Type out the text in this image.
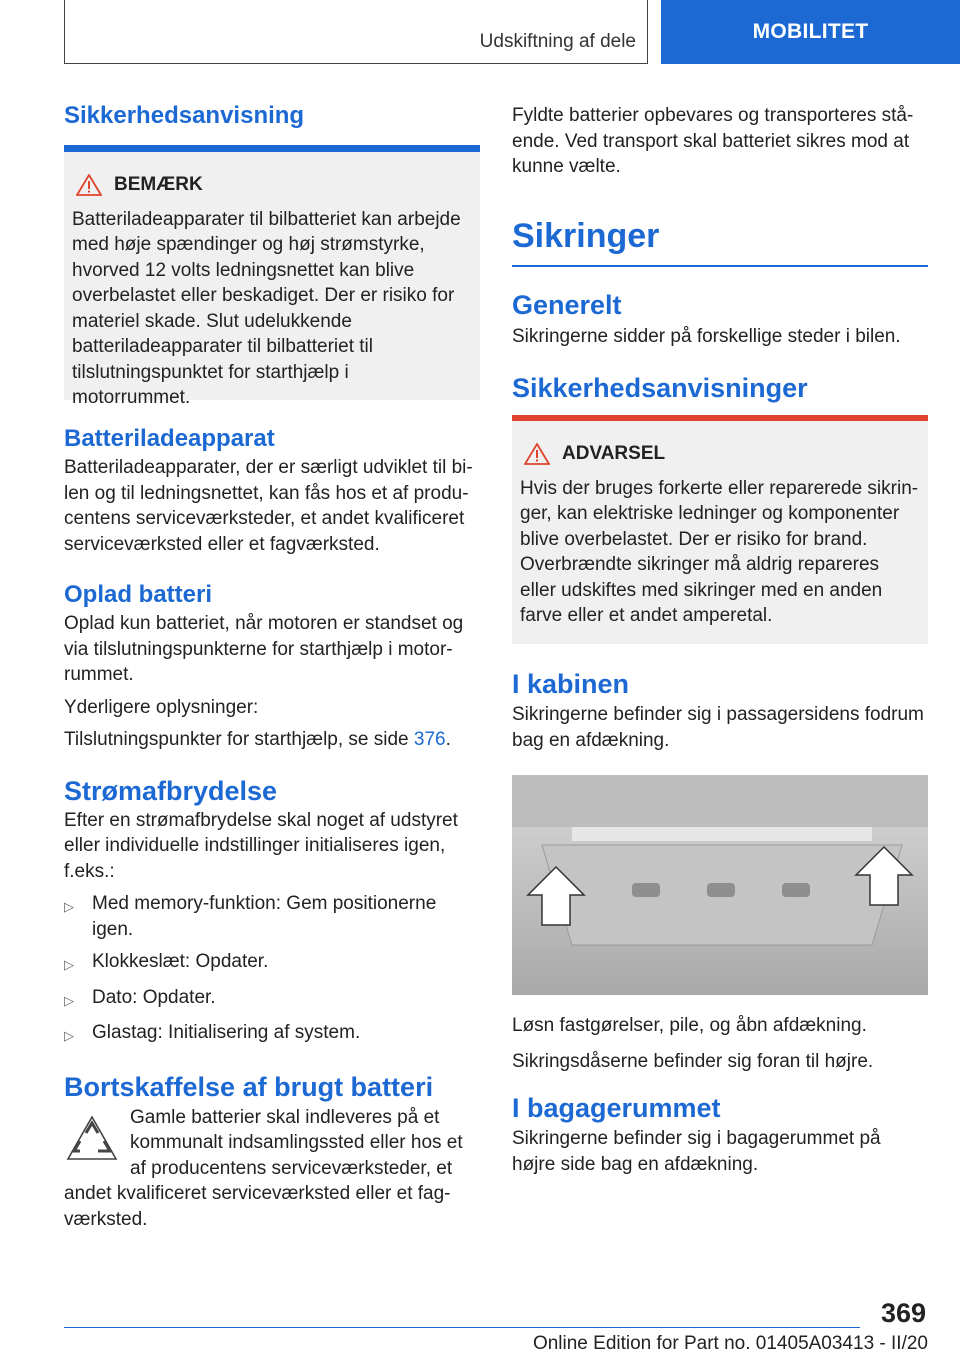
Udskiftning af dele	MOBILITET
Sikkerhedsanvisning
BEMÆRK

Batteriladeapparater til bilbatteriet kan arbejde med høje spændinger og høj strømstyrke, hvorved 12 volts ledningsnettet kan blive overbelastet eller beskadiget. Der er risiko for materiel skade. Slut udelukkende batteriladeapparater til bilbatteriet til tilslutningspunktet for starthjælp i motorrummet.

Batteriladeapparat

Batteriladeapparater, der er særligt udviklet til bilen og til ledningsnettet, kan fås hos et af producentens serviceværksteder, et andet kvalificeret serviceværksted eller et fagværksted.

Oplad batteri

Oplad kun batteriet, når motoren er standset og via tilslutningspunkterne for starthjælp i motorrummet.

Yderligere oplysninger:

Tilslutningspunkter for starthjælp, se side 376.

Strømafbrydelse

Efter en strømafbrydelse skal noget af udstyret eller individuelle indstillinger initialiseres igen, f.eks.:

▷ Med memory-funktion: Gem positionerne igen.
▷ Klokkeslæt: Opdater.
▷ Dato: Opdater.
▷ Glastag: Initialisering af system.
Bortskaffelse af brugt batteri

Gamle batterier skal indleveres på et kommunalt indsamlingssted eller hos et af producentens serviceværksteder, et

andet kvalificeret serviceværksted eller et fagværksted.

Fyldte batterier opbevares og transporteres stående. Ved transport skal batteriet sikres mod at kunne vælte.

Sikringer
Generelt

Sikringerne sidder på forskellige steder i bilen.

Sikkerhedsanvisninger
ADVARSEL

Hvis der bruges forkerte eller reparerede sikringer, kan elektriske ledninger og komponenter blive overbelastet. Der er risiko for brand. Overbrændte sikringer må aldrig repareres eller udskiftes med sikringer med en anden farve eller et andet amperetal.

I kabinen

Sikringerne befinder sig i passagersidens fodrum bag en afdækning.

Løsn fastgørelser, pile, og åbn afdækning.

Sikringsdåserne befinder sig foran til højre.

I bagagerummet

Sikringerne befinder sig i bagagerummet på højre side bag en afdækning.

369
Online Edition for Part no. 01405A03413 - II/20
